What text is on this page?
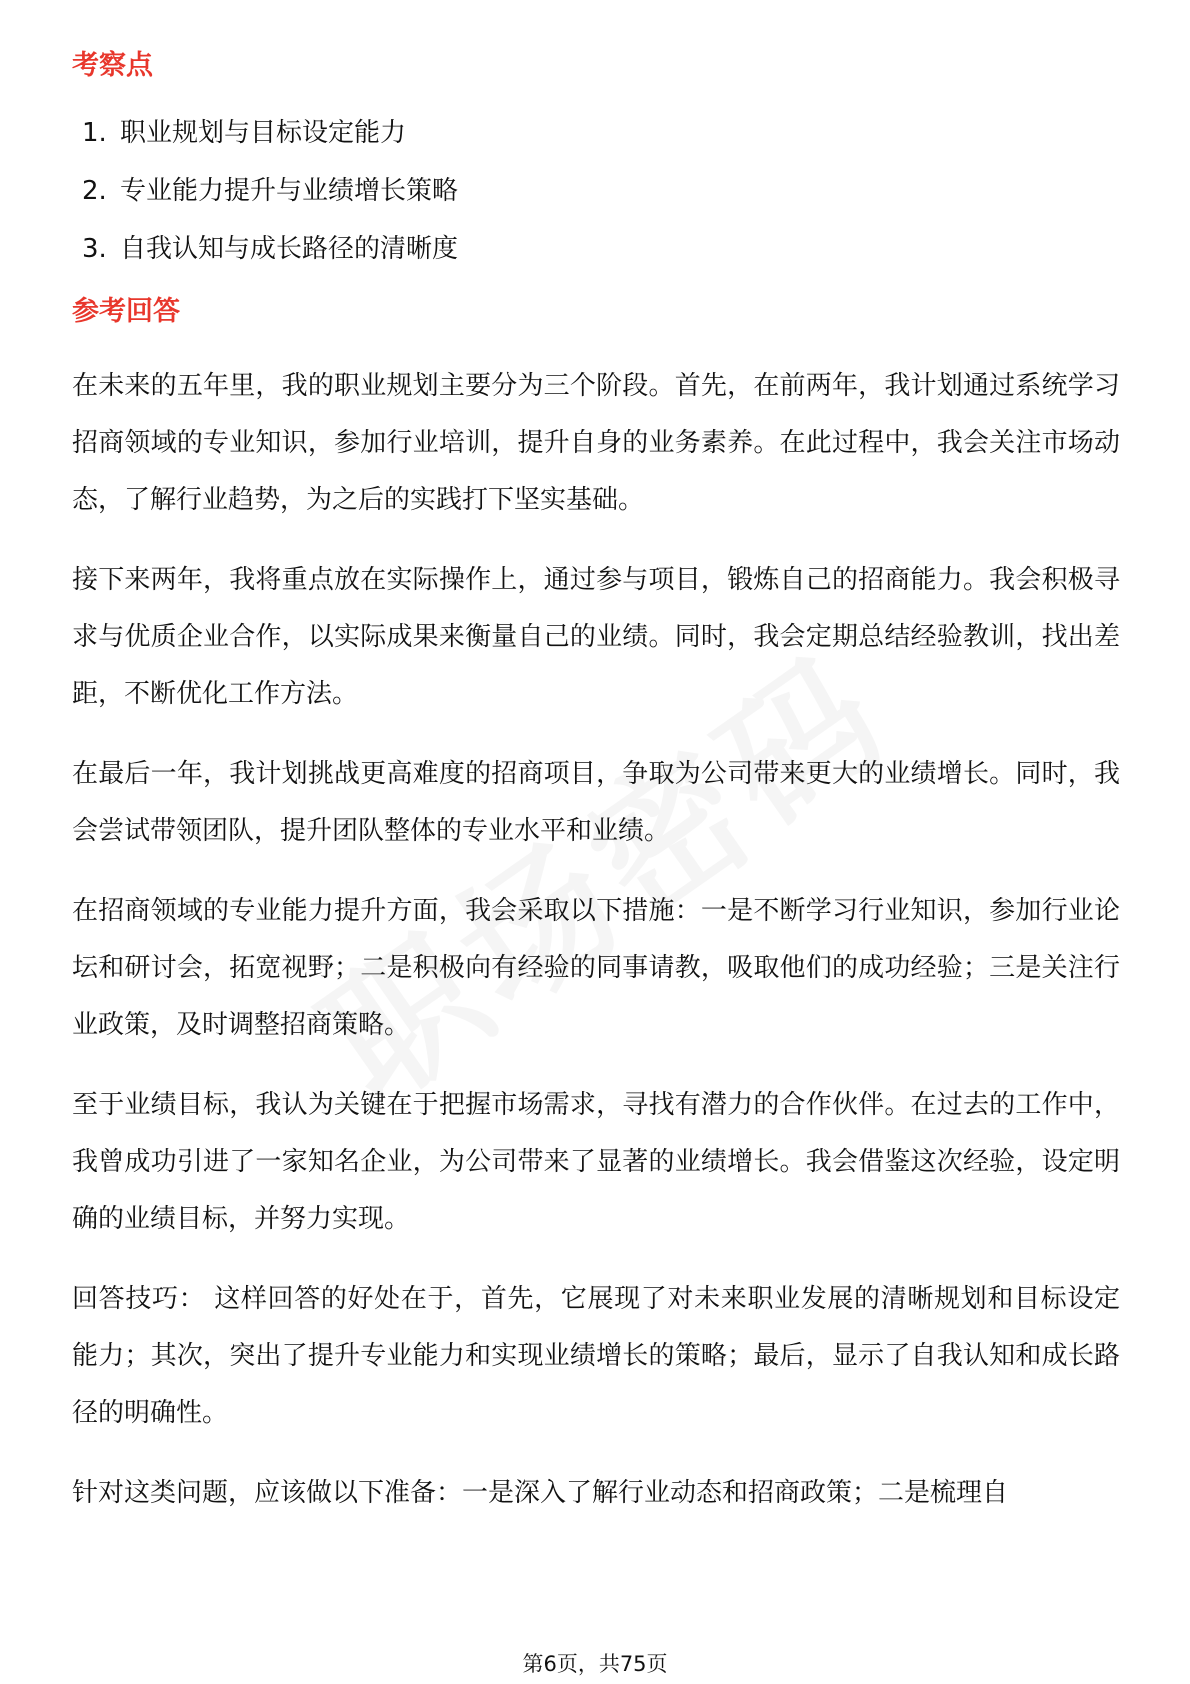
考察点
1. 职业规划与目标设定能力
2. 专业能力提升与业绩增长策略
3. 自我认知与成长路径的清晰度
参考回答

在未来的五年里，我的职业规划主要分为三个阶段。首先，在前两年，我计划通过系统学习招商领域的专业知识，参加行业培训，提升自身的业务素养。在此过程中，我会关注市场动态，了解行业趋势，为之后的实践打下坚实基础。

接下来两年，我将重点放在实际操作上，通过参与项目，锻炼自己的招商能力。我会积极寻求与优质企业合作，以实际成果来衡量自己的业绩。同时，我会定期总结经验教训，找出差距，不断优化工作方法。

在最后一年，我计划挑战更高难度的招商项目，争取为公司带来更大的业绩增长。同时，我会尝试带领团队，提升团队整体的专业水平和业绩。

在招商领域的专业能力提升方面，我会采取以下措施：一是不断学习行业知识，参加行业论坛和研讨会，拓宽视野；二是积极向有经验的同事请教，吸取他们的成功经验；三是关注行业政策，及时调整招商策略。

至于业绩目标，我认为关键在于把握市场需求，寻找有潜力的合作伙伴。在过去的工作中，我曾成功引进了一家知名企业，为公司带来了显著的业绩增长。我会借鉴这次经验，设定明确的业绩目标，并努力实现。

回答技巧： 这样回答的好处在于，首先，它展现了对未来职业发展的清晰规划和目标设定能力；其次，突出了提升专业能力和实现业绩增长的策略；最后，显示了自我认知和成长路径的明确性。

针对这类问题，应该做以下准备：一是深入了解行业动态和招商政策；二是梳理自

第6页，共75页
